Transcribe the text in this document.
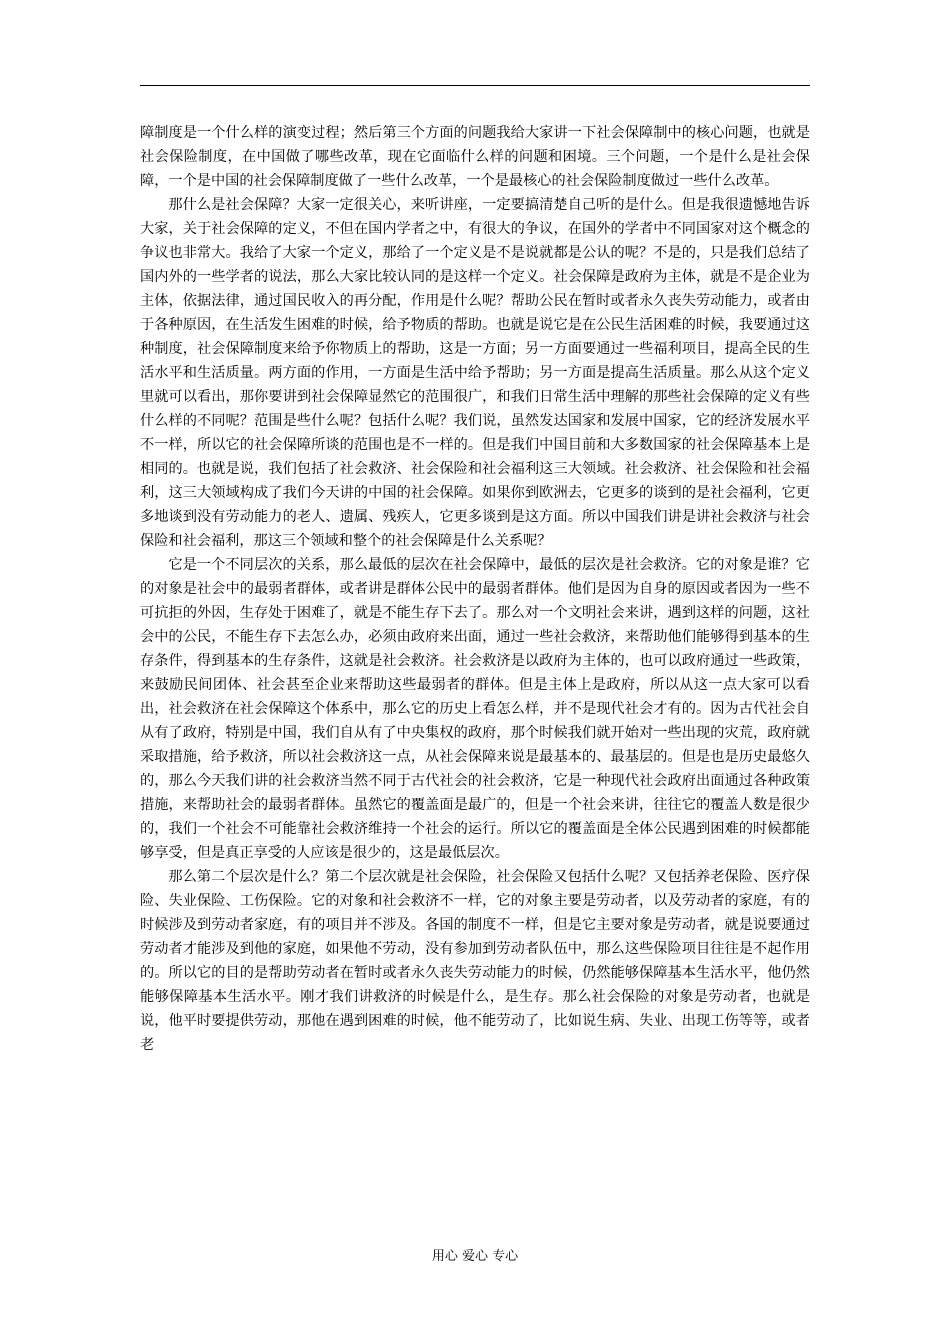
障制度是一个什么样的演变过程；然后第三个方面的问题我给大家讲一下社会保障制中的核心问题，也就是社会保险制度，在中国做了哪些改革，现在它面临什么样的问题和困境。三个问题，一个是什么是社会保障，一个是中国的社会保障制度做了一些什么改革，一个是最核心的社会保险制度做过一些什么改革。

那什么是社会保障？大家一定很关心，来听讲座，一定要搞清楚自己听的是什么。但是我很遗憾地告诉大家，关于社会保障的定义，不但在国内学者之中，有很大的争议，在国外的学者中不同国家对这个概念的争议也非常大。我给了大家一个定义，那给了一个定义是不是说就都是公认的呢？不是的，只是我们总结了国内外的一些学者的说法，那么大家比较认同的是这样一个定义。社会保障是政府为主体，就是不是企业为主体，依据法律，通过国民收入的再分配，作用是什么呢？帮助公民在暂时或者永久丧失劳动能力，或者由于各种原因，在生活发生困难的时候，给予物质的帮助。也就是说它是在公民生活困难的时候，我要通过这种制度，社会保障制度来给予你物质上的帮助，这是一方面；另一方面要通过一些福利项目，提高全民的生活水平和生活质量。两方面的作用，一方面是生活中给予帮助；另一方面是提高生活质量。那么从这个定义里就可以看出，那你要讲到社会保障显然它的范围很广，和我们日常生活中理解的那些社会保障的定义有些什么样的不同呢？范围是些什么呢？包括什么呢？我们说，虽然发达国家和发展中国家，它的经济发展水平不一样，所以它的社会保障所谈的范围也是不一样的。但是我们中国目前和大多数国家的社会保障基本上是相同的。也就是说，我们包括了社会救济、社会保险和社会福利这三大领域。社会救济、社会保险和社会福利，这三大领域构成了我们今天讲的中国的社会保障。如果你到欧洲去，它更多的谈到的是社会福利，它更多地谈到没有劳动能力的老人、遗属、残疾人，它更多谈到是这方面。所以中国我们讲是讲社会救济与社会保险和社会福利，那这三个领域和整个的社会保障是什么关系呢？

它是一个不同层次的关系，那么最低的层次在社会保障中，最低的层次是社会救济。它的对象是谁？它的对象是社会中的最弱者群体，或者讲是群体公民中的最弱者群体。他们是因为自身的原因或者因为一些不可抗拒的外因，生存处于困难了，就是不能生存下去了。那么对一个文明社会来讲，遇到这样的问题，这社会中的公民，不能生存下去怎么办，必须由政府来出面，通过一些社会救济，来帮助他们能够得到基本的生存条件，得到基本的生存条件，这就是社会救济。社会救济是以政府为主体的，也可以政府通过一些政策，来鼓励民间团体、社会甚至企业来帮助这些最弱者的群体。但是主体上是政府，所以从这一点大家可以看出，社会救济在社会保障这个体系中，那么它的历史上看怎么样，并不是现代社会才有的。因为古代社会自从有了政府，特别是中国，我们自从有了中央集权的政府，那个时候我们就开始对一些出现的灾荒，政府就采取措施，给予救济，所以社会救济这一点，从社会保障来说是最基本的、最基层的。但是也是历史最悠久的，那么今天我们讲的社会救济当然不同于古代社会的社会救济，它是一种现代社会政府出面通过各种政策措施，来帮助社会的最弱者群体。虽然它的覆盖面是最广的，但是一个社会来讲，往往它的覆盖人数是很少的，我们一个社会不可能靠社会救济维持一个社会的运行。所以它的覆盖面是全体公民遇到困难的时候都能够享受，但是真正享受的人应该是很少的，这是最低层次。

那么第二个层次是什么？第二个层次就是社会保险，社会保险又包括什么呢？又包括养老保险、医疗保险、失业保险、工伤保险。它的对象和社会救济不一样，它的对象主要是劳动者，以及劳动者的家庭，有的时候涉及到劳动者家庭，有的项目并不涉及。各国的制度不一样，但是它主要对象是劳动者，就是说要通过劳动者才能涉及到他的家庭，如果他不劳动，没有参加到劳动者队伍中，那么这些保险项目往往是不起作用的。所以它的目的是帮助劳动者在暂时或者永久丧失劳动能力的时候，仍然能够保障基本生活水平，他仍然能够保障基本生活水平。刚才我们讲救济的时候是什么，是生存。那么社会保险的对象是劳动者，也就是说，他平时要提供劳动，那他在遇到困难的时候，他不能劳动了，比如说生病、失业、出现工伤等等，或者老

用心 爱心 专心
